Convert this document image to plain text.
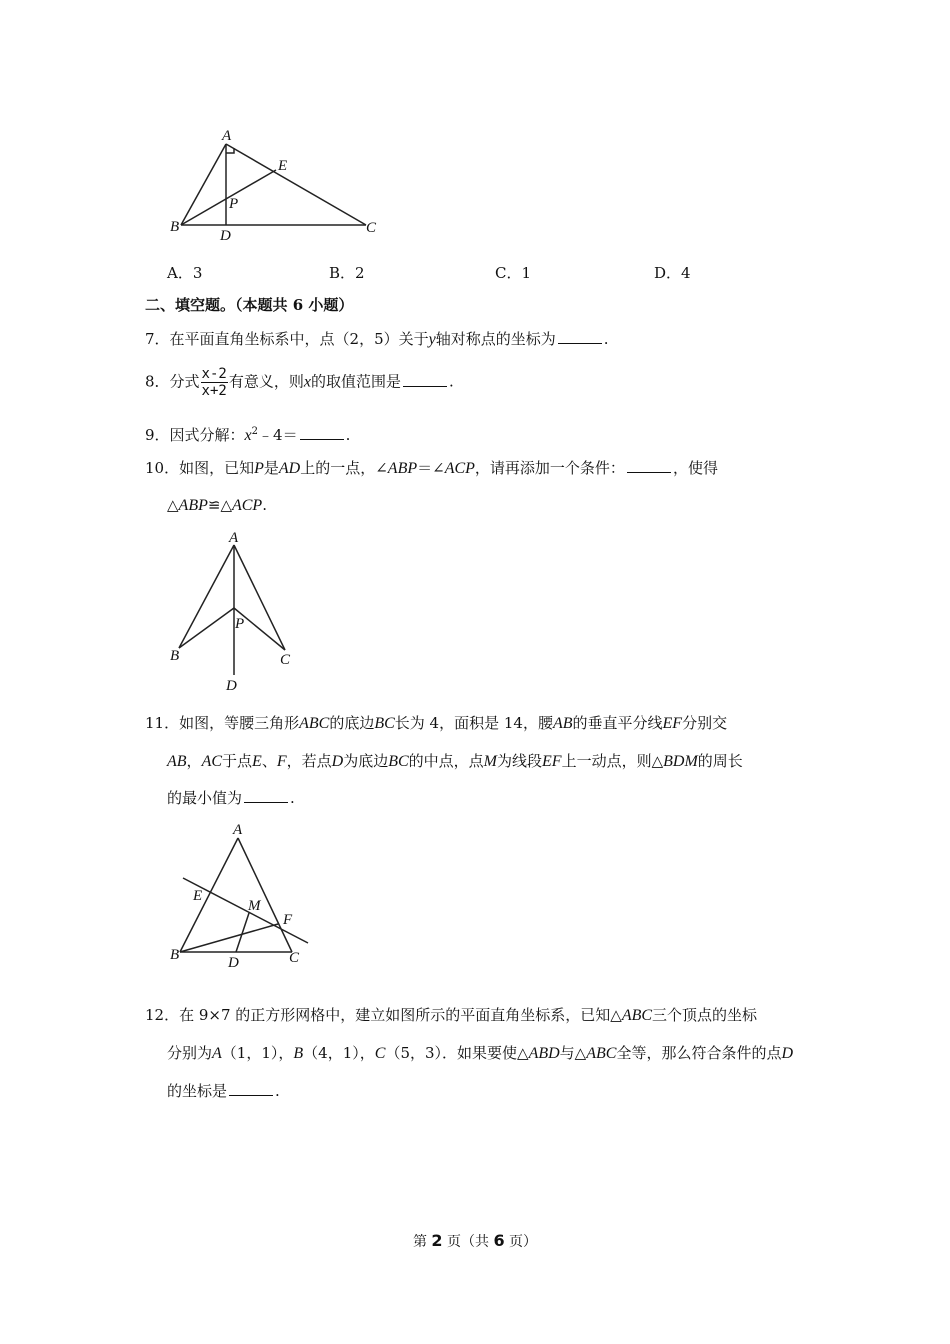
A
E
P
B
D	C
A．3	B．2	C．1	D．4
二、填空题。（本题共 6 小题）
7．在平面直角坐标系中，点（2，5）关于y轴对称点的坐标为	.
8．分式 $\frac{x-2}{x+2}$ 有意义，则x的取值范围是	.
9．因式分解：$x^2﹣4=$	.
10．如图，已知P是AD上的一点，∠ABP＝∠ACP，请再添加一个条件：	，使得
△ABP≌△ACP.
A
P
B	C
D
11．如图，等腰三角形ABC的底边BC长为 4，面积是 14，腰AB的垂直平分线EF分别交
AB，AC于点E、F，若点D为底边BC的中点，点M为线段EF上一动点，则△BDM的周长
的最小值为	.
A
E
M
F
B	D	C
12．在 9×7 的正方形网格中，建立如图所示的平面直角坐标系，已知△ABC三个顶点的坐标
分别为A（1，1），B（4，1），C（5，3）．如果要使△ABD与△ABC全等，那么符合条件的点D
的坐标是	.
第 2 页（共 6 页）
